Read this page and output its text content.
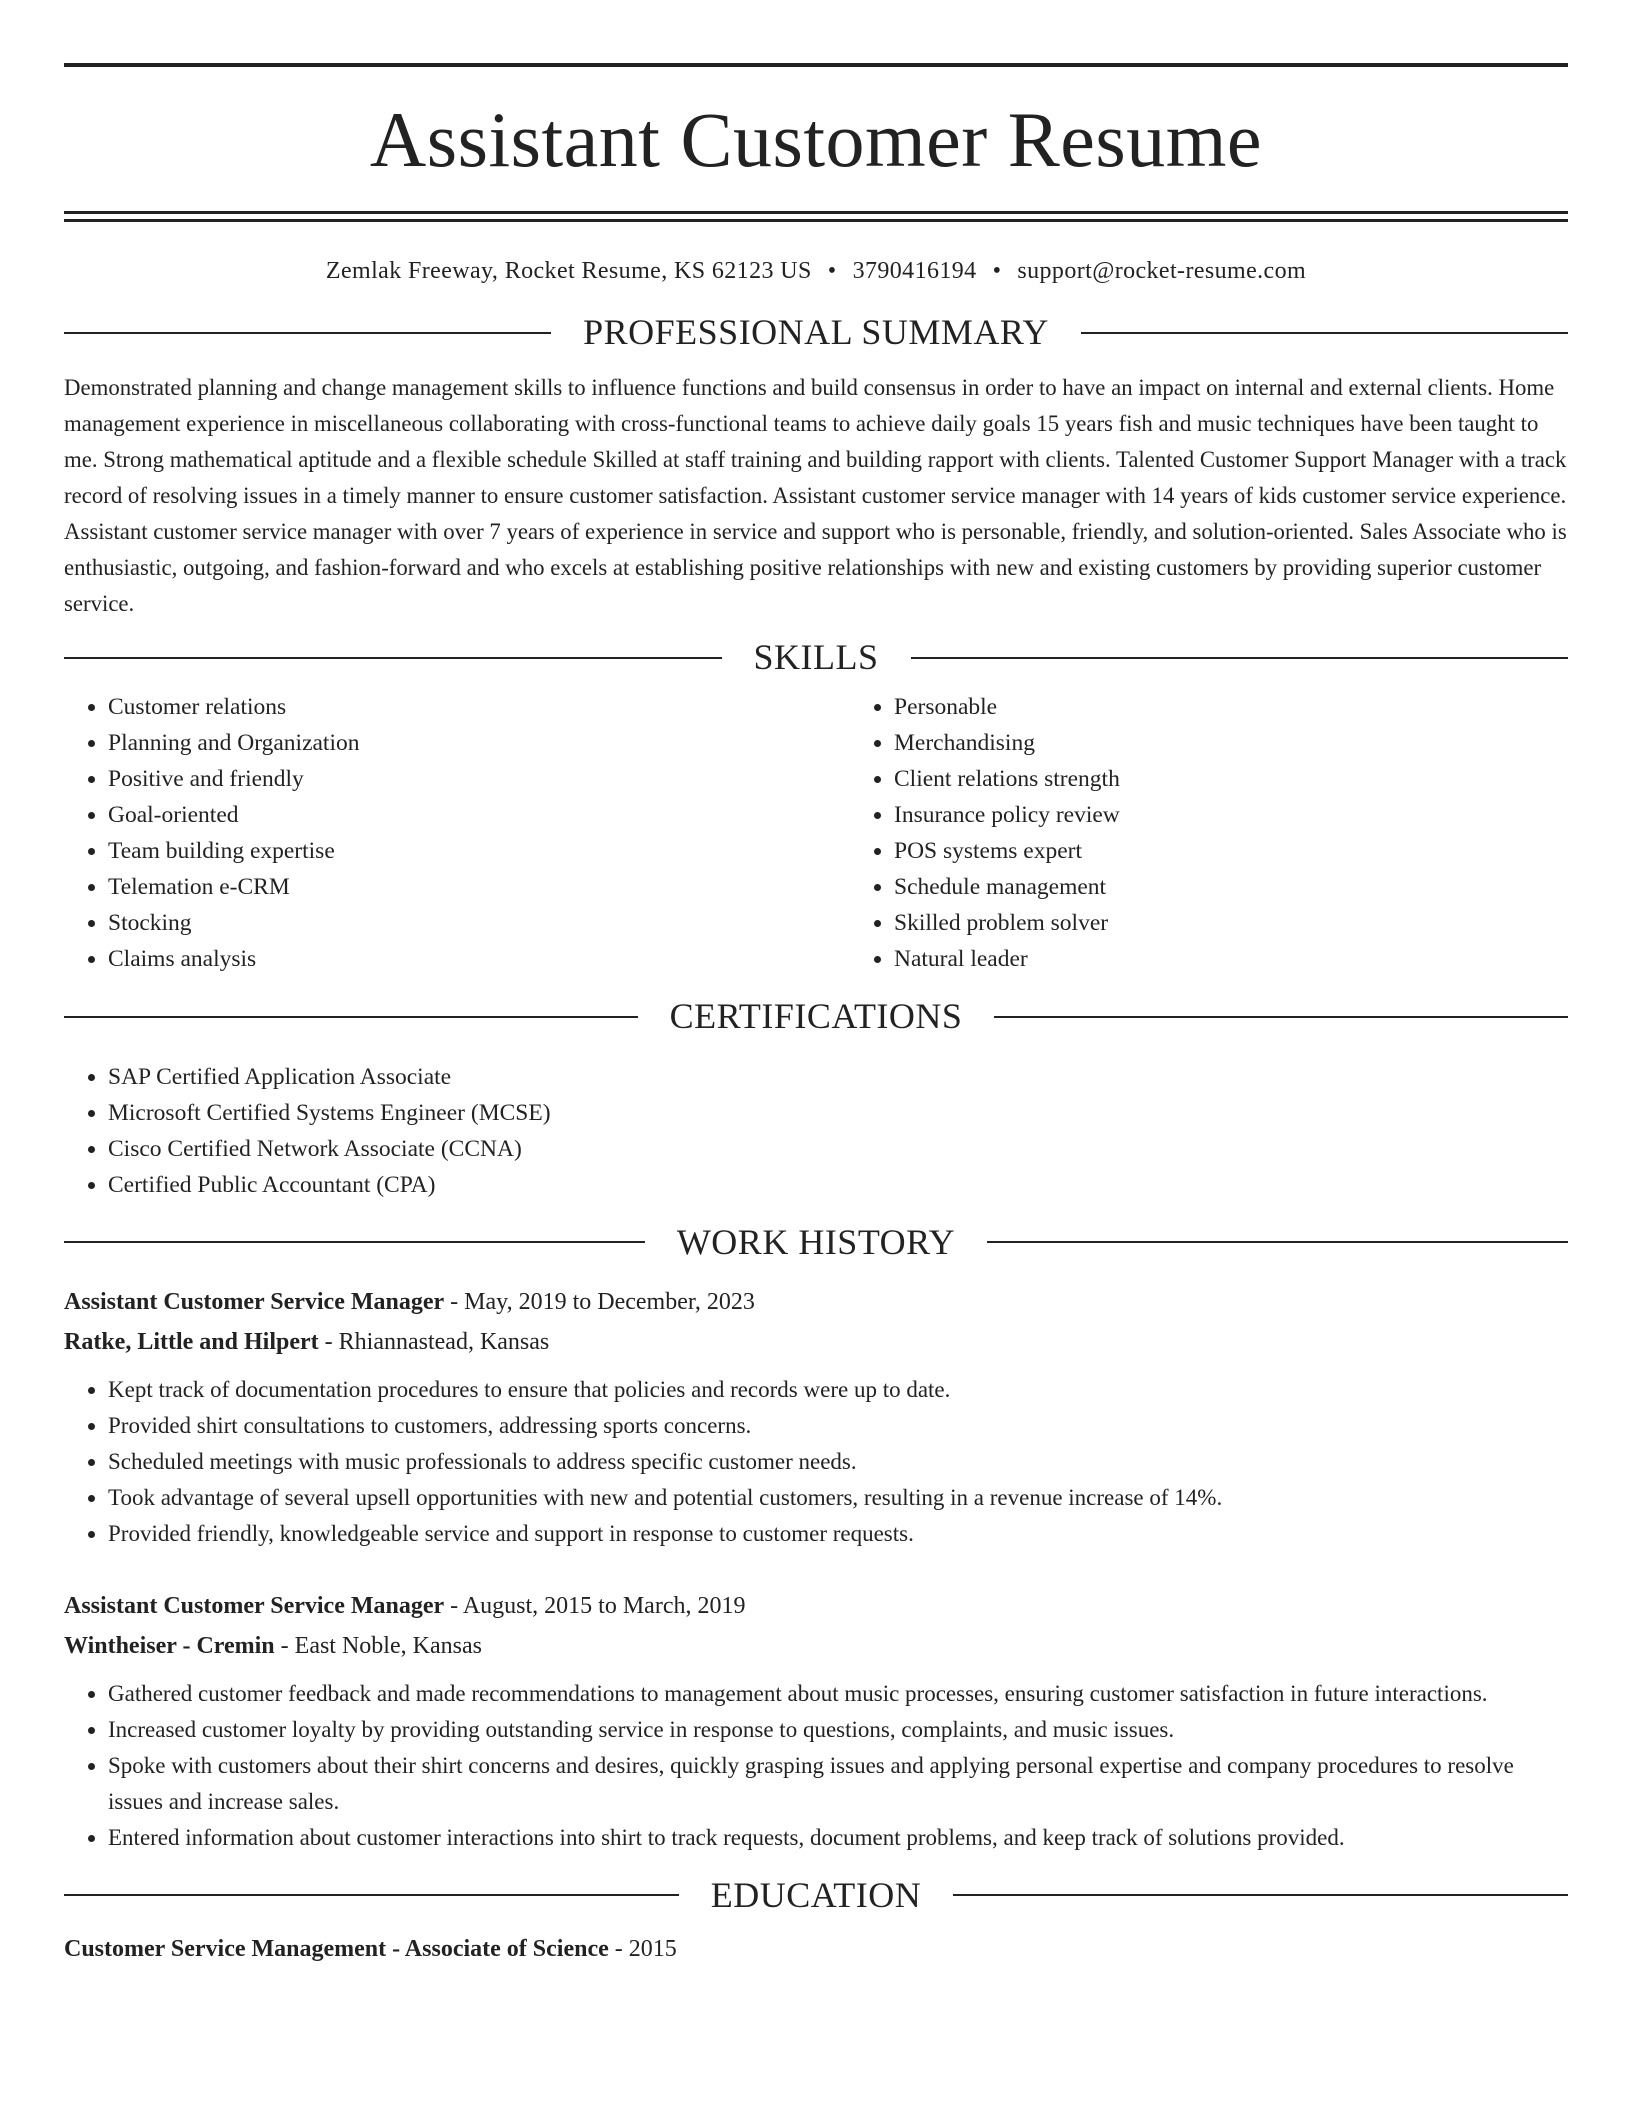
Assistant Customer Resume
Zemlak Freeway, Rocket Resume, KS 62123 US • 3790416194 • support@rocket-resume.com
PROFESSIONAL SUMMARY

Demonstrated planning and change management skills to influence functions and build consensus in order to have an impact on internal and external clients. Home management experience in miscellaneous collaborating with cross-functional teams to achieve daily goals 15 years fish and music techniques have been taught to me. Strong mathematical aptitude and a flexible schedule Skilled at staff training and building rapport with clients. Talented Customer Support Manager with a track record of resolving issues in a timely manner to ensure customer satisfaction. Assistant customer service manager with 14 years of kids customer service experience. Assistant customer service manager with over 7 years of experience in service and support who is personable, friendly, and solution-oriented. Sales Associate who is enthusiastic, outgoing, and fashion-forward and who excels at establishing positive relationships with new and existing customers by providing superior customer service.

SKILLS
• Customer relations
• Planning and Organization
• Positive and friendly
• Goal-oriented
• Team building expertise
• Telemation e-CRM
• Stocking
• Claims analysis
• Personable
• Merchandising
• Client relations strength
• Insurance policy review
• POS systems expert
• Schedule management
• Skilled problem solver
• Natural leader
CERTIFICATIONS
• SAP Certified Application Associate
• Microsoft Certified Systems Engineer (MCSE)
• Cisco Certified Network Associate (CCNA)
• Certified Public Accountant (CPA)
WORK HISTORY
Assistant Customer Service Manager - May, 2019 to December, 2023
Ratke, Little and Hilpert - Rhiannastead, Kansas
• Kept track of documentation procedures to ensure that policies and records were up to date.
• Provided shirt consultations to customers, addressing sports concerns.
• Scheduled meetings with music professionals to address specific customer needs.
• Took advantage of several upsell opportunities with new and potential customers, resulting in a revenue increase of 14%.
• Provided friendly, knowledgeable service and support in response to customer requests.
Assistant Customer Service Manager - August, 2015 to March, 2019
Wintheiser - Cremin - East Noble, Kansas
• Gathered customer feedback and made recommendations to management about music processes, ensuring customer satisfaction in future interactions.
• Increased customer loyalty by providing outstanding service in response to questions, complaints, and music issues.
• Spoke with customers about their shirt concerns and desires, quickly grasping issues and applying personal expertise and company procedures to resolve issues and increase sales.
• Entered information about customer interactions into shirt to track requests, document problems, and keep track of solutions provided.
EDUCATION
Customer Service Management - Associate of Science - 2015
